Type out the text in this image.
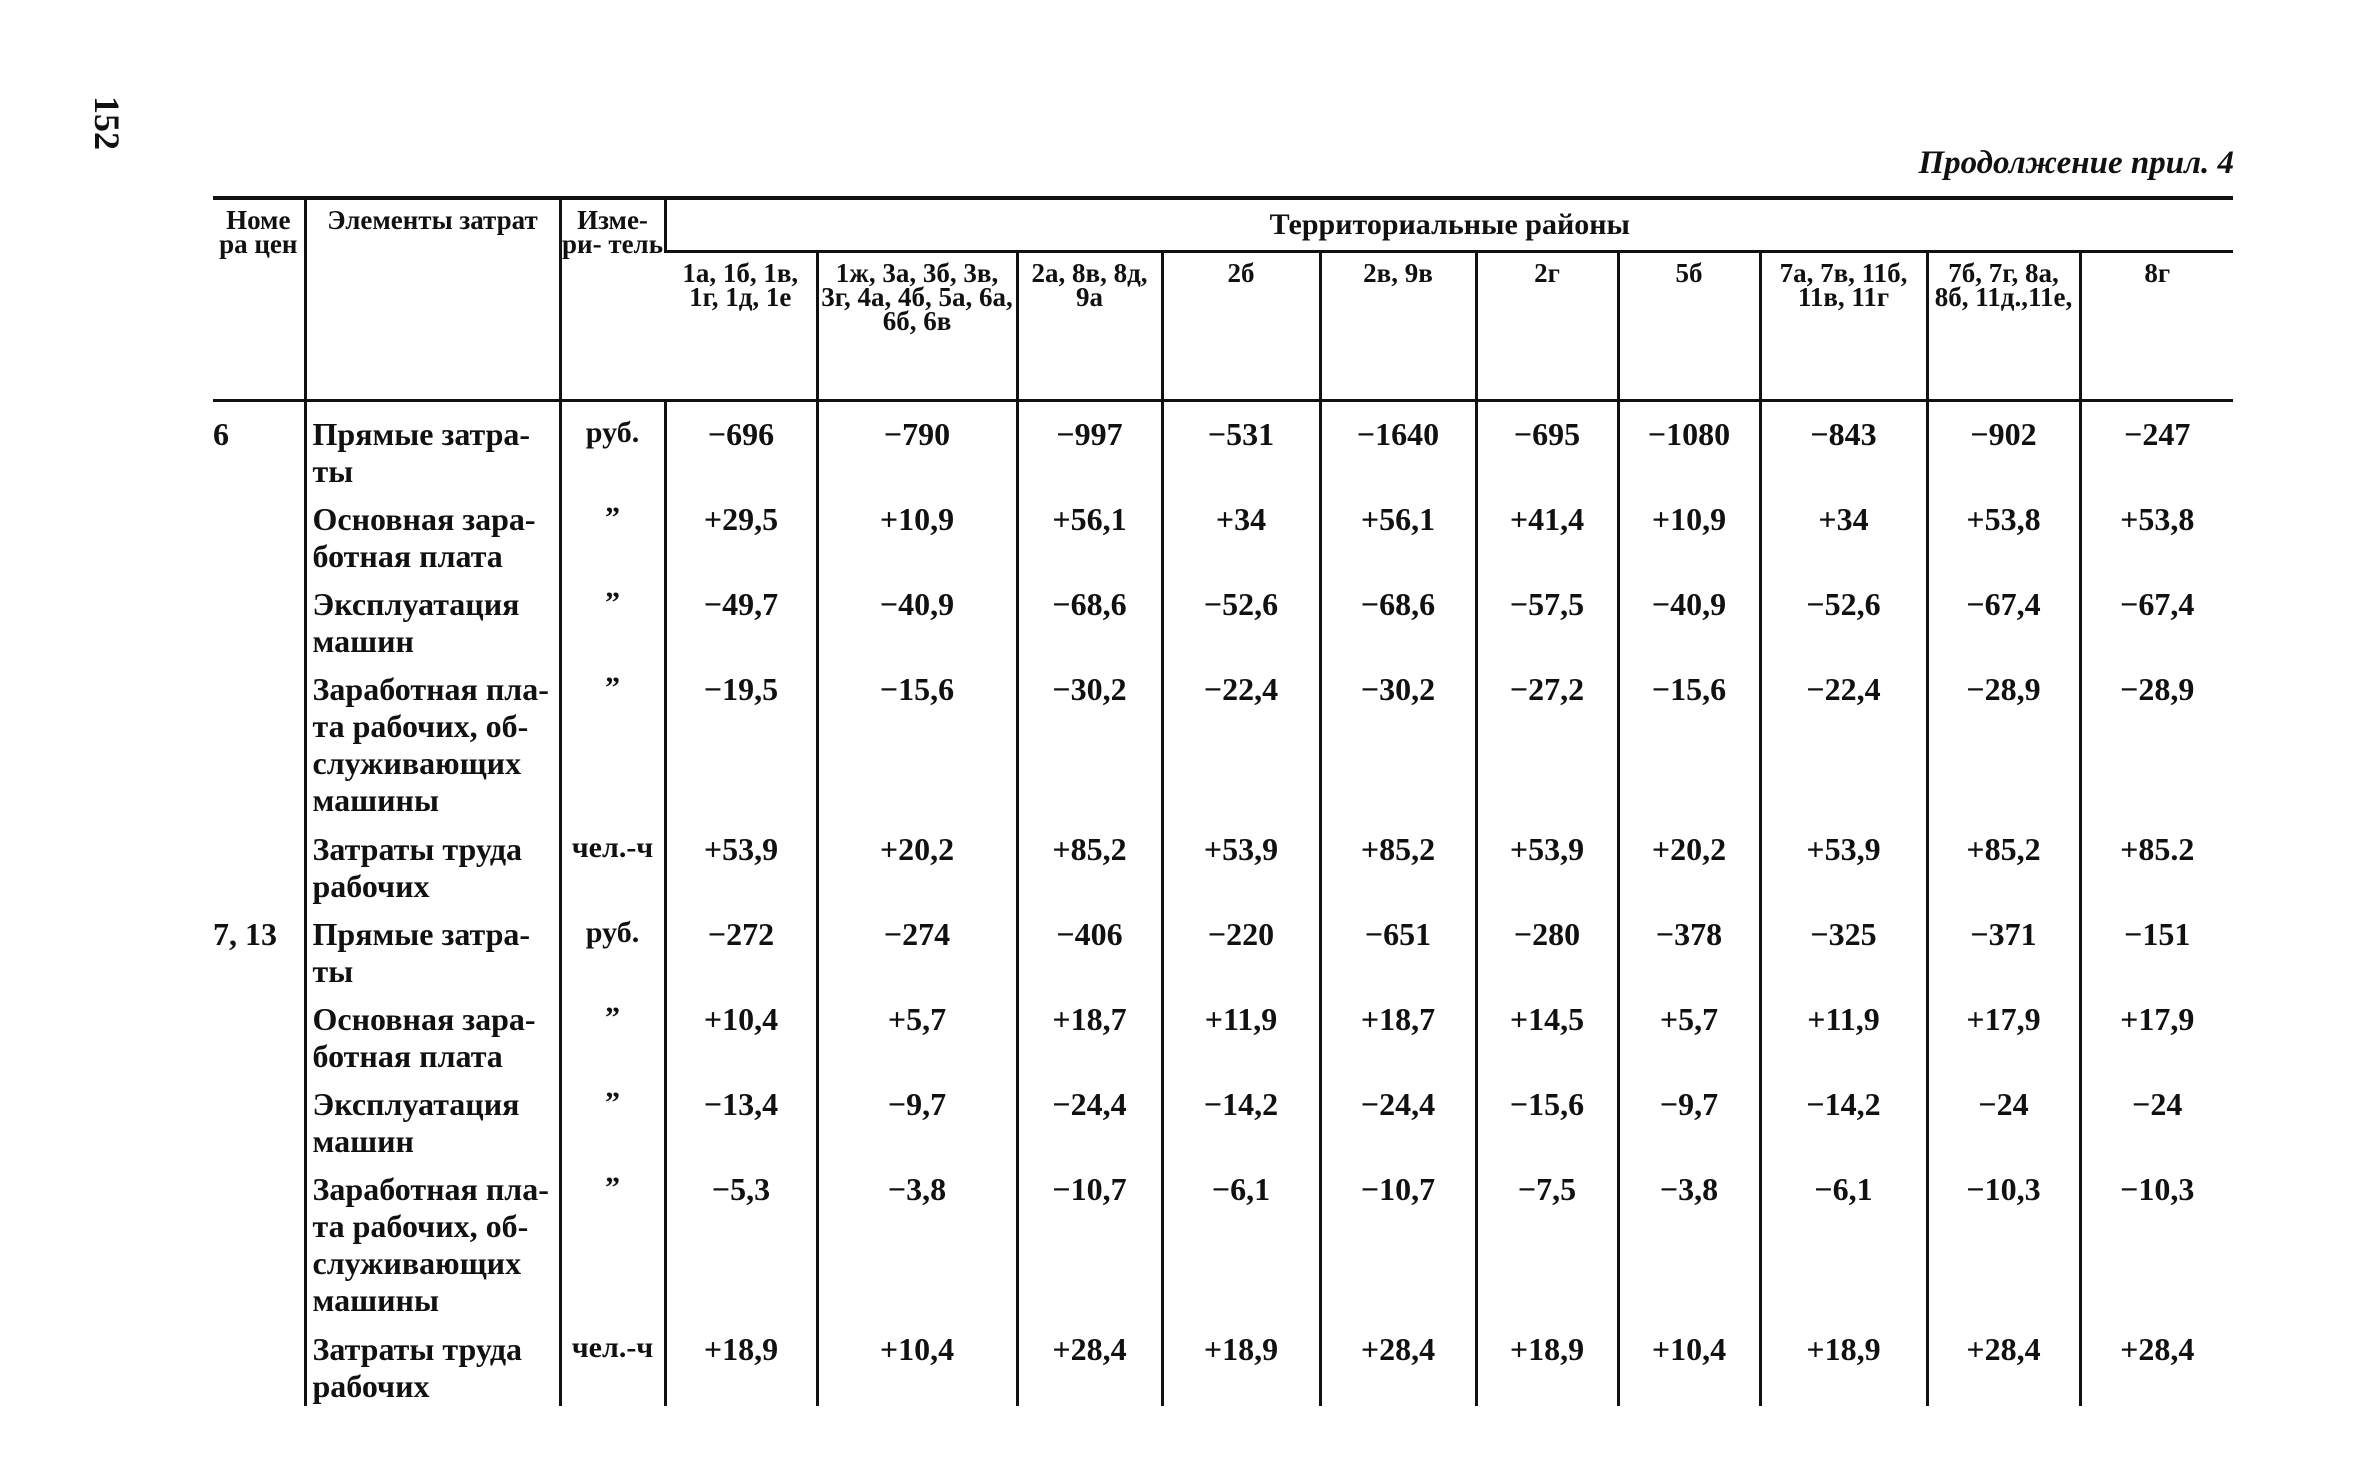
152
Продолжение прил. 4
Номе ра цен	Элементы затрат	Изме- ри- тель	Территориальные районы									
			1а, 1б, 1в, 1г, 1д, 1е	1ж, 3а, 3б, 3в, 3г, 4а, 4б, 5а, 6а, 6б, 6в	2а, 8в, 8д, 9а	2б	2в, 9в	2г	5б	7а, 7в, 11б, 11в, 11г	7б, 7г, 8а, 8б, 11д.,11е,	8г
6	Прямые затра- ты	руб.	−696	−790	−997	−531	−1640	−695	−1080	−843	−902	−247
	Основная зара- ботная плата	”	+29,5	+10,9	+56,1	+34	+56,1	+41,4	+10,9	+34	+53,8	+53,8
	Эксплуатация машин	”	−49,7	−40,9	−68,6	−52,6	−68,6	−57,5	−40,9	−52,6	−67,4	−67,4
	Заработная пла- та рабочих, об- служивающих машины	”	−19,5	−15,6	−30,2	−22,4	−30,2	−27,2	−15,6	−22,4	−28,9	−28,9
	Затраты труда рабочих	чел.-ч	+53,9	+20,2	+85,2	+53,9	+85,2	+53,9	+20,2	+53,9	+85,2	+85.2
7, 13	Прямые затра- ты	руб.	−272	−274	−406	−220	−651	−280	−378	−325	−371	−151
	Основная зара- ботная плата	”	+10,4	+5,7	+18,7	+11,9	+18,7	+14,5	+5,7	+11,9	+17,9	+17,9
	Эксплуатация машин	”	−13,4	−9,7	−24,4	−14,2	−24,4	−15,6	−9,7	−14,2	−24	−24
	Заработная пла- та рабочих, об- служивающих машины	”	−5,3	−3,8	−10,7	−6,1	−10,7	−7,5	−3,8	−6,1	−10,3	−10,3
	Затраты труда рабочих	чел.-ч	+18,9	+10,4	+28,4	+18,9	+28,4	+18,9	+10,4	+18,9	+28,4	+28,4
